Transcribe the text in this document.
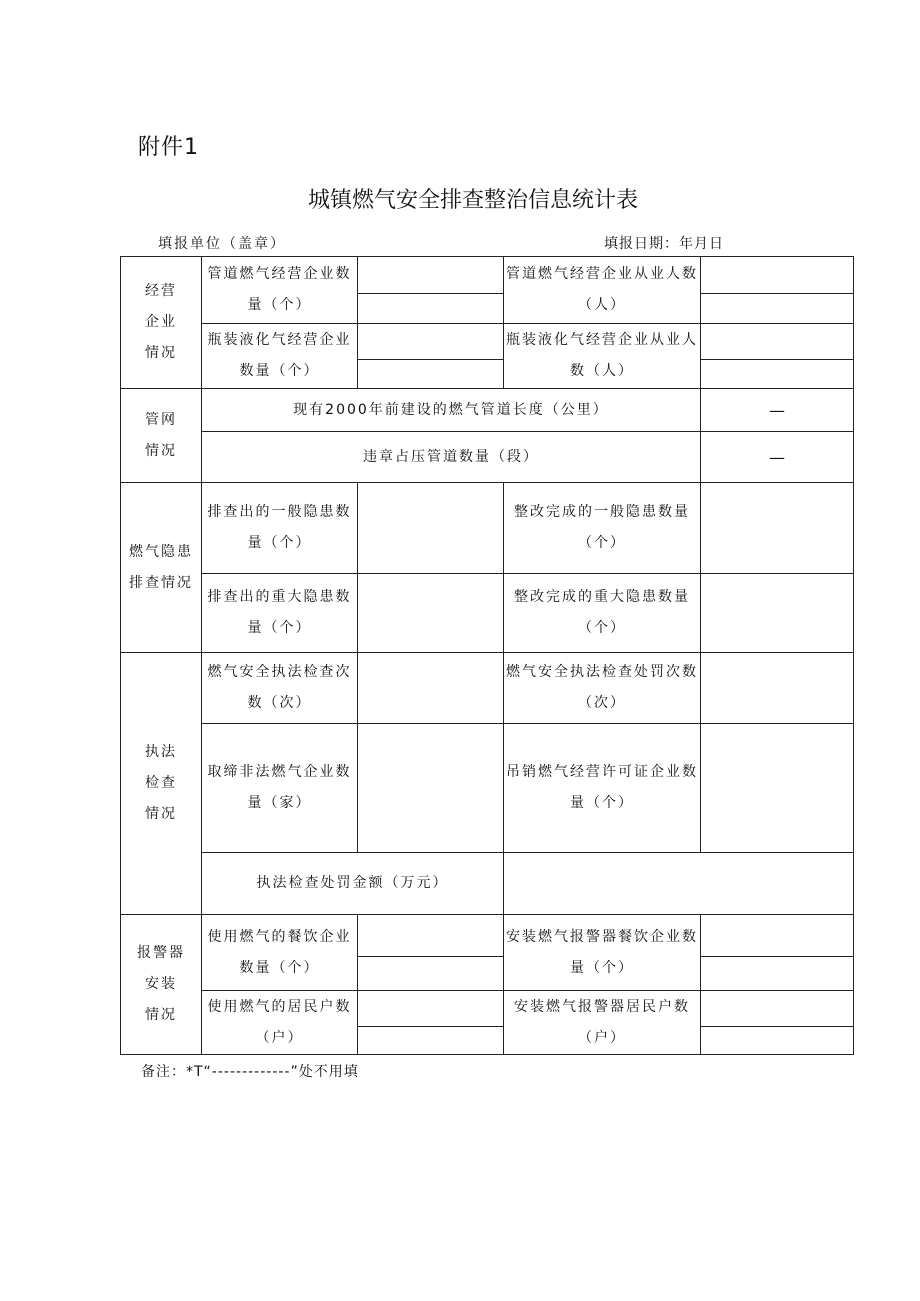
附件1
城镇燃气安全排查整治信息统计表
填报单位（盖章）	填报日期：年月日
经营
企业
情况	管道燃气经营企业数量（个）		管道燃气经营企业从业人数（人）	

	瓶装液化气经营企业数量（个）		瓶装液化气经营企业从业人数（人）	

管网
情况	现有2000年前建设的燃气管道长度（公里）			—
	违章占压管道数量（段）			—

燃气隐患
排查情况	排查出的一般隐患数量（个）		整改完成的一般隐患数量（个）	
	排查出的重大隐患数量（个）		整改完成的重大隐患数量（个）	

执法
检查
情况	燃气安全执法检查次数（次）		燃气安全执法检查处罚次数（次）	
	取缔非法燃气企业数量（家）		吊销燃气经营许可证企业数量（个）	
	执法检查处罚金额（万元）			

报警器
安装
情况	使用燃气的餐饮企业数量（个）		安装燃气报警器餐饮企业数量（个）	

	使用燃气的居民户数（户）		安装燃气报警器居民户数（户）	

备注：*T“-------------”处不用填
